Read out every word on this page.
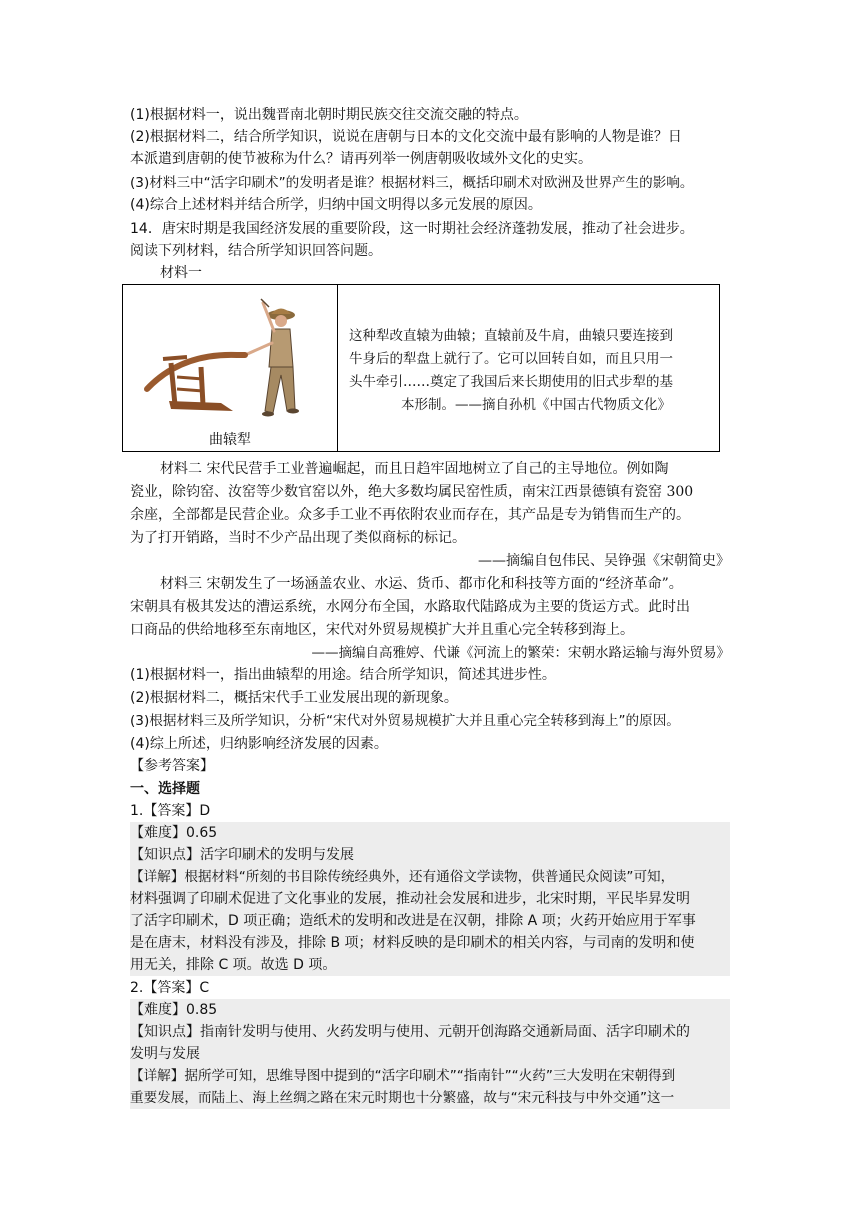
(1)根据材料一，说出魏晋南北朝时期民族交往交流交融的特点。
(2)根据材料二，结合所学知识，说说在唐朝与日本的文化交流中最有影响的人物是谁？日
本派遣到唐朝的使节被称为什么？请再列举一例唐朝吸收域外文化的史实。
(3)材料三中“活字印刷术”的发明者是谁？根据材料三，概括印刷术对欧洲及世界产生的影响。
(4)综合上述材料并结合所学，归纳中国文明得以多元发展的原因。
14．唐宋时期是我国经济发展的重要阶段，这一时期社会经济蓬勃发展，推动了社会进步。
阅读下列材料，结合所学知识回答问题。
材料一
曲辕犁
这种犁改直辕为曲辕；直辕前及牛肩，曲辕只要连接到
牛身后的犁盘上就行了。它可以回转自如，而且只用一
头牛牵引……奠定了我国后来长期使用的旧式步犁的基
本形制。——摘自孙机《中国古代物质文化》
材料二 宋代民营手工业普遍崛起，而且日趋牢固地树立了自己的主导地位。例如陶
瓷业，除钧窑、汝窑等少数官窑以外，绝大多数均属民窑性质，南宋江西景德镇有瓷窑 300
余座，全部都是民营企业。众多手工业不再依附农业而存在，其产品是专为销售而生产的。
为了打开销路，当时不少产品出现了类似商标的标记。
——摘编自包伟民、吴铮强《宋朝简史》
材料三 宋朝发生了一场涵盖农业、水运、货币、都市化和科技等方面的“经济革命”。
宋朝具有极其发达的漕运系统，水网分布全国，水路取代陆路成为主要的货运方式。此时出
口商品的供给地移至东南地区，宋代对外贸易规模扩大并且重心完全转移到海上。
——摘编自高雅婷、代谦《河流上的繁荣：宋朝水路运输与海外贸易》
(1)根据材料一，指出曲辕犁的用途。结合所学知识，简述其进步性。
(2)根据材料二，概括宋代手工业发展出现的新现象。
(3)根据材料三及所学知识，分析“宋代对外贸易规模扩大并且重心完全转移到海上”的原因。
(4)综上所述，归纳影响经济发展的因素。
【参考答案】
一、选择题
1.【答案】D
【难度】0.65
【知识点】活字印刷术的发明与发展
【详解】根据材料“所刻的书目除传统经典外，还有通俗文学读物，供普通民众阅读”可知，
材料强调了印刷术促进了文化事业的发展，推动社会发展和进步，北宋时期，平民毕昇发明
了活字印刷术，D 项正确；造纸术的发明和改进是在汉朝，排除 A 项；火药开始应用于军事
是在唐末，材料没有涉及，排除 B 项；材料反映的是印刷术的相关内容，与司南的发明和使
用无关，排除 C 项。故选 D 项。
2.【答案】C
【难度】0.85
【知识点】指南针发明与使用、火药发明与使用、元朝开创海路交通新局面、活字印刷术的
发明与发展
【详解】据所学可知，思维导图中提到的“活字印刷术”“指南针”“火药”三大发明在宋朝得到
重要发展，而陆上、海上丝绸之路在宋元时期也十分繁盛，故与“宋元科技与中外交通”这一
